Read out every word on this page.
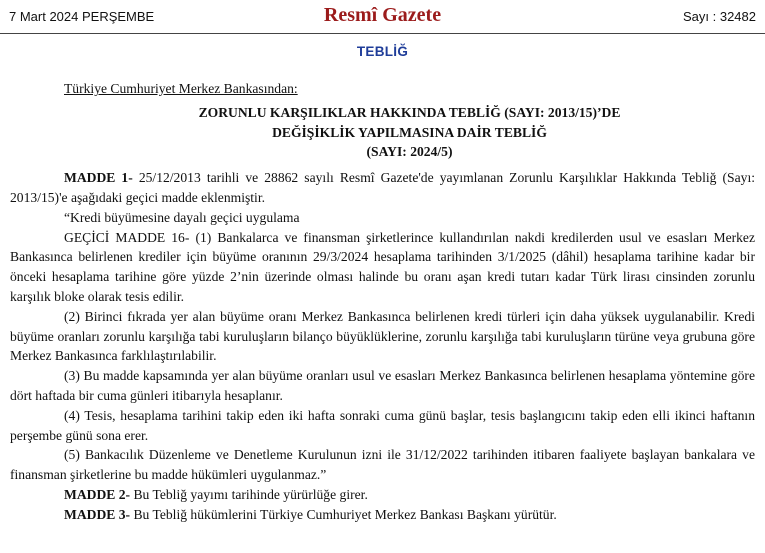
7 Mart 2024 PERŞEMBE	Resmî Gazete	Sayı : 32482
TEBLİĞ
Türkiye Cumhuriyet Merkez Bankasından:
ZORUNLU KARŞILIKLAR HAKKINDA TEBLİĞ (SAYI: 2013/15)’DE
DEĞİŞİKLİK YAPILMASINA DAİR TEBLİĞ
(SAYI: 2024/5)

MADDE 1- 25/12/2013 tarihli ve 28862 sayılı Resmî Gazete'de yayımlanan Zorunlu Karşılıklar Hakkında Tebliğ (Sayı: 2013/15)'e aşağıdaki geçici madde eklenmiştir.

“Kredi büyümesine dayalı geçici uygulama

GEÇİCİ MADDE 16- (1) Bankalarca ve finansman şirketlerince kullandırılan nakdi kredilerden usul ve esasları Merkez Bankasınca belirlenen krediler için büyüme oranının 29/3/2024 hesaplama tarihinden 3/1/2025 (dâhil) hesaplama tarihine kadar bir önceki hesaplama tarihine göre yüzde 2’nin üzerinde olması halinde bu oranı aşan kredi tutarı kadar Türk lirası cinsinden zorunlu karşılık bloke olarak tesis edilir.

(2) Birinci fıkrada yer alan büyüme oranı Merkez Bankasınca belirlenen kredi türleri için daha yüksek uygulanabilir. Kredi büyüme oranları zorunlu karşılığa tabi kuruluşların bilanço büyüklüklerine, zorunlu karşılığa tabi kuruluşların türüne veya grubuna göre Merkez Bankasınca farklılaştırılabilir.

(3) Bu madde kapsamında yer alan büyüme oranları usul ve esasları Merkez Bankasınca belirlenen hesaplama yöntemine göre dört haftada bir cuma günleri itibarıyla hesaplanır.

(4) Tesis, hesaplama tarihini takip eden iki hafta sonraki cuma günü başlar, tesis başlangıcını takip eden elli ikinci haftanın perşembe günü sona erer.

(5) Bankacılık Düzenleme ve Denetleme Kurulunun izni ile 31/12/2022 tarihinden itibaren faaliyete başlayan bankalara ve finansman şirketlerine bu madde hükümleri uygulanmaz.”

MADDE 2- Bu Tebliğ yayımı tarihinde yürürlüğe girer.

MADDE 3- Bu Tebliğ hükümlerini Türkiye Cumhuriyet Merkez Bankası Başkanı yürütür.
